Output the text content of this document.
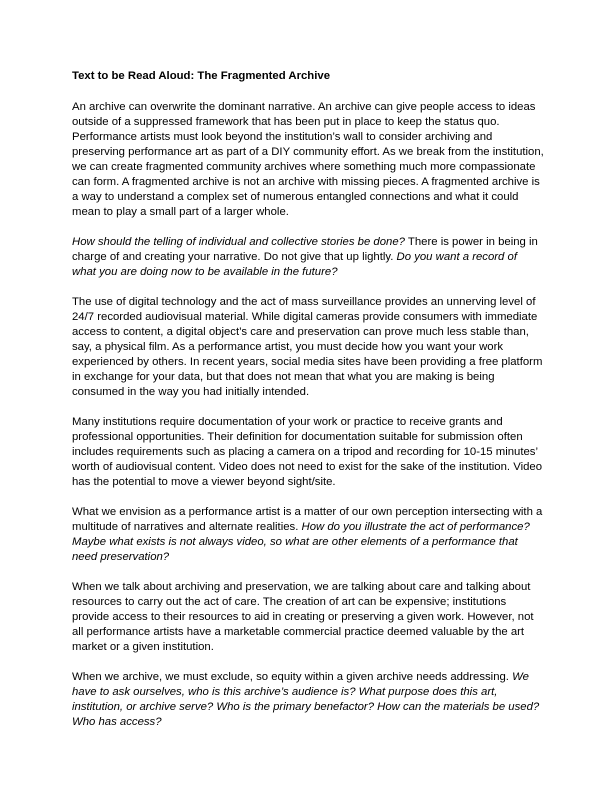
Text to be Read Aloud: The Fragmented Archive

An archive can overwrite the dominant narrative. An archive can give people access to ideas outside of a suppressed framework that has been put in place to keep the status quo. Performance artists must look beyond the institution’s wall to consider archiving and preserving performance art as part of a DIY community effort. As we break from the institution, we can create fragmented community archives where something much more compassionate can form. A fragmented archive is not an archive with missing pieces. A fragmented archive is a way to understand a complex set of numerous entangled connections and what it could mean to play a small part of a larger whole.

How should the telling of individual and collective stories be done? There is power in being in charge of and creating your narrative. Do not give that up lightly. Do you want a record of what you are doing now to be available in the future?

The use of digital technology and the act of mass surveillance provides an unnerving level of 24/7 recorded audiovisual material. While digital cameras provide consumers with immediate access to content, a digital object’s care and preservation can prove much less stable than, say, a physical film. As a performance artist, you must decide how you want your work experienced by others. In recent years, social media sites have been providing a free platform in exchange for your data, but that does not mean that what you are making is being consumed in the way you had initially intended.

Many institutions require documentation of your work or practice to receive grants and professional opportunities. Their definition for documentation suitable for submission often includes requirements such as placing a camera on a tripod and recording for 10-15 minutes’ worth of audiovisual content. Video does not need to exist for the sake of the institution. Video has the potential to move a viewer beyond sight/site.

What we envision as a performance artist is a matter of our own perception intersecting with a multitude of narratives and alternate realities. How do you illustrate the act of performance? Maybe what exists is not always video, so what are other elements of a performance that need preservation?

When we talk about archiving and preservation, we are talking about care and talking about resources to carry out the act of care. The creation of art can be expensive; institutions provide access to their resources to aid in creating or preserving a given work. However, not all performance artists have a marketable commercial practice deemed valuable by the art market or a given institution.

When we archive, we must exclude, so equity within a given archive needs addressing. We have to ask ourselves, who is this archive’s audience is? What purpose does this art, institution, or archive serve? Who is the primary benefactor? How can the materials be used? Who has access?
